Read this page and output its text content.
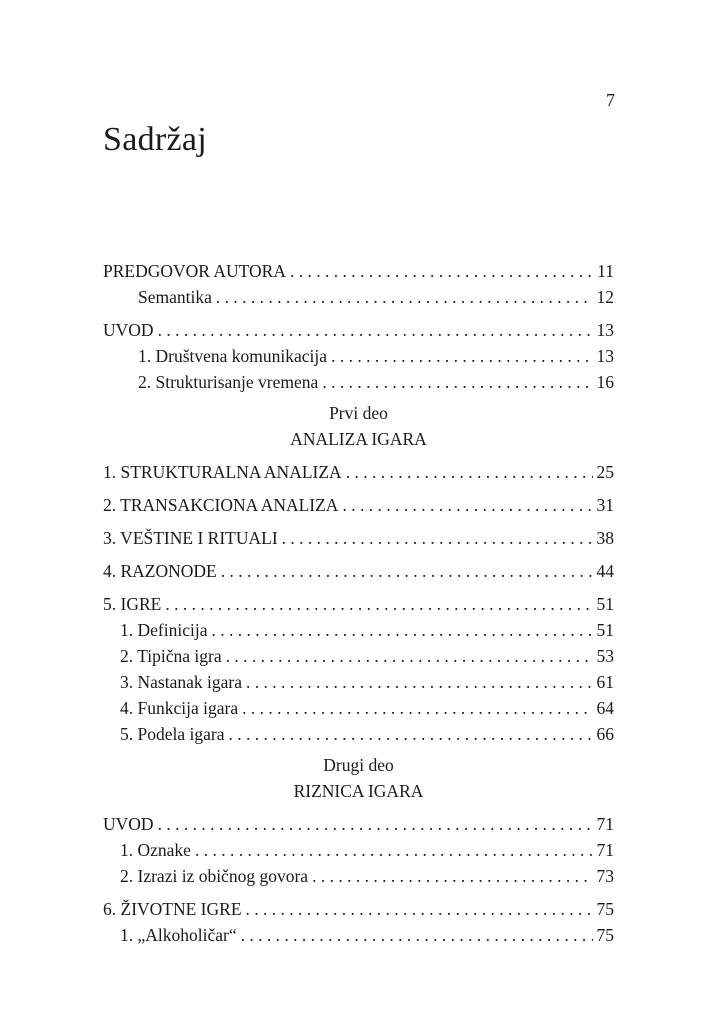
7
Sadržaj
PREDGOVOR AUTORA . . .	11
Semantika . . .	12
UVOD . . .	13
1. Društvena komunikacija . . .	13
2. Strukturisanje vremena . . .	16
Prvi deo
ANALIZA IGARA
1. STRUKTURALNA ANALIZA . . .	25
2. TRANSAKCIONA ANALIZA . . .	31
3. VEŠTINE I RITUALI . . .	38
4. RAZONODE . . .	44
5. IGRE . . .	51
1. Definicija . . .	51
2. Tipična igra . . .	53
3. Nastanak igara . . .	61
4. Funkcija igara . . .	64
5. Podela igara . . .	66
Drugi deo
RIZNICA IGARA
UVOD . . .	71
1. Oznake . . .	71
2. Izrazi iz običnog govora . . .	73
6. ŽIVOTNE IGRE . . .	75
1. „Alkoholičar“ . . .	75
